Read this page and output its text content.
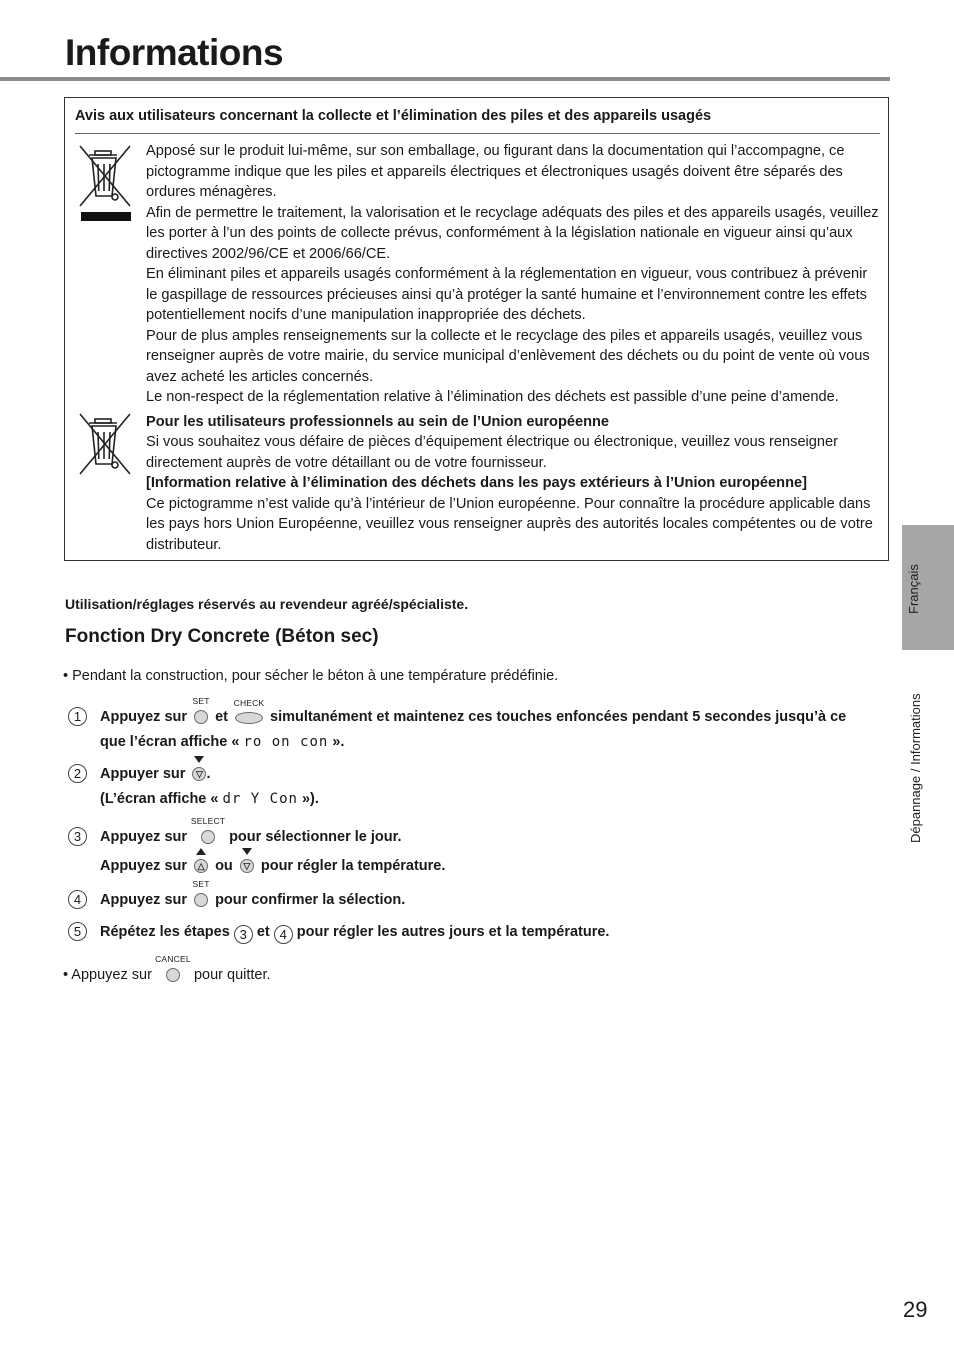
Informations
Avis aux utilisateurs concernant la collecte et l’élimination des piles et des appareils usagés

Apposé sur le produit lui-même, sur son emballage, ou figurant dans la documentation qui l’accompagne, ce pictogramme indique que les piles et appareils électriques et électroniques usagés doivent être séparés des ordures ménagères.

Afin de permettre le traitement, la valorisation et le recyclage adéquats des piles et des appareils usagés, veuillez les porter à l’un des points de collecte prévus, conformément à la législation nationale en vigueur ainsi qu’aux directives 2002/96/CE et 2006/66/CE.

En éliminant piles et appareils usagés conformément à la réglementation en vigueur, vous contribuez à prévenir le gaspillage de ressources précieuses ainsi qu’à protéger la santé humaine et l’environnement contre les effets potentiellement nocifs d’une manipulation inappropriée des déchets.

Pour de plus amples renseignements sur la collecte et le recyclage des piles et appareils usagés, veuillez vous renseigner auprès de votre mairie, du service municipal d’enlèvement des déchets ou du point de vente où vous avez acheté les articles concernés.

Le non-respect de la réglementation relative à l’élimination des déchets est passible d’une peine d’amende.

Pour les utilisateurs professionnels au sein de l’Union européenne

Si vous souhaitez vous défaire de pièces d’équipement électrique ou électronique, veuillez vous renseigner directement auprès de votre détaillant ou de votre fournisseur.

[Information relative à l’élimination des déchets dans les pays extérieurs à l’Union européenne]

Ce pictogramme n’est valide qu’à l’intérieur de l’Union européenne. Pour connaître la procédure applicable dans les pays hors Union Européenne, veuillez vous renseigner auprès des autorités locales compétentes ou de votre distributeur.

Utilisation/réglages réservés au revendeur agréé/spécialiste.
Fonction Dry Concrete (Béton sec)
• Pendant la construction, pour sécher le béton à une température prédéfinie.
1	Appuyez sur
SET
et
CHECK
simultanément et maintenez ces touches enfoncées pendant 5 secondes jusqu’à ce
que l’écran affiche « ro on con ».
2	Appuyer sur	▽ .
(L’écran affiche « dr Y Con »).
3	Appuyez sur
SELECT
pour sélectionner le jour.
Appuyez sur	△ ou	▽ pour régler la température.
4	Appuyez sur
SET
pour confirmer la sélection.
5	Répétez les étapes 3 et 4 pour régler les autres jours et la température.
• Appuyez sur
CANCEL
pour quitter.
Français
Dépannage / Informations
29
